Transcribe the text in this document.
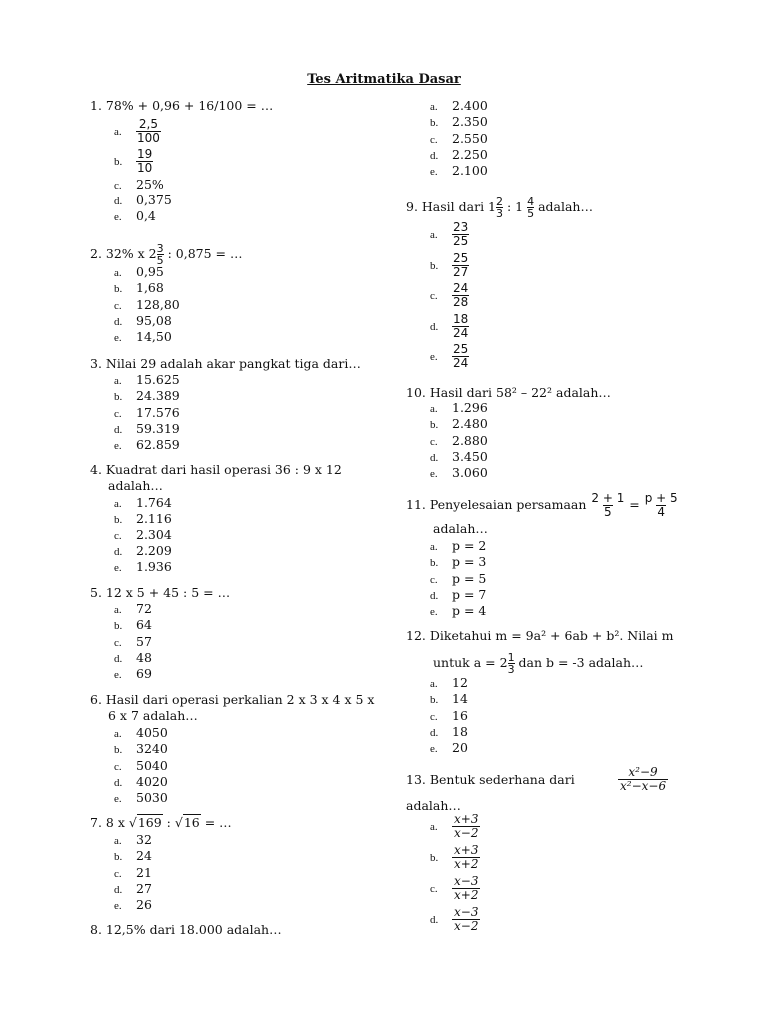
Tes Aritmatika Dasar
1. 78% + 0,96 + 16/100 = …
a. $\frac{2,5}{100}$
b. $\frac{19}{10}$
c. 25%
d. 0,375
e. 0,4
2. 32% x $2 \frac{3}{5}$ : 0,875 = …
a. 0,95
b. 1,68
c. 128,80
d. 95,08
e. 14,50
3. Nilai 29 adalah akar pangkat tiga dari…
a. 15.625
b. 24.389
c. 17.576
d. 59.319
e. 62.859
4. Kuadrat dari hasil operasi 36 : 9 x 12
adalah…
a. 1.764
b. 2.116
c. 2.304
d. 2.209
e. 1.936
5. 12 x 5 + 45 : 5 = …
a. 72
b. 64
c. 57
d. 48
e. 69
6. Hasil dari operasi perkalian 2 x 3 x 4 x 5 x
6 x 7 adalah…
a. 4050
b. 3240
c. 5040
d. 4020
e. 5030
7. 8 x √169 : √16 = …
a. 32
b. 24
c. 21
d. 27
e. 26
8. 12,5% dari 18.000 adalah…
a. 2.400
b. 2.350
c. 2.550
d. 2.250
e. 2.100
9. Hasil dari $1 \frac{2}{3}$ : $1 \frac{4}{5}$ adalah…
a. $\frac{23}{25}$
b. $\frac{25}{27}$
c. $\frac{24}{28}$
d. $\frac{18}{24}$
e. $\frac{25}{24}$
10. Hasil dari 58² – 22² adalah…
a. 1.296
b. 2.480
c. 2.880
d. 3.450
e. 3.060
11. Penyelesaian persamaan $\frac{2 + 1}{5} = \frac{p + 5}{4}$
adalah…
a. p = 2
b. p = 3
c. p = 5
d. p = 7
e. p = 4
12. Diketahui m = 9a² + 6ab + b². Nilai m
untuk $a = 2 \frac{1}{3}$ dan b = -3 adalah…
a. 12
b. 14
c. 16
d. 18
e. 20
13. Bentuk sederhana dari	$\frac{\text{x²−9}}{\text{x²−x−6}}$
adalah…
a. $\frac{x+3}{x-2}$
b. $\frac{x+3}{x+2}$
c. $\frac{x-3}{x+2}$
d. $\frac{x-3}{x-2}$
